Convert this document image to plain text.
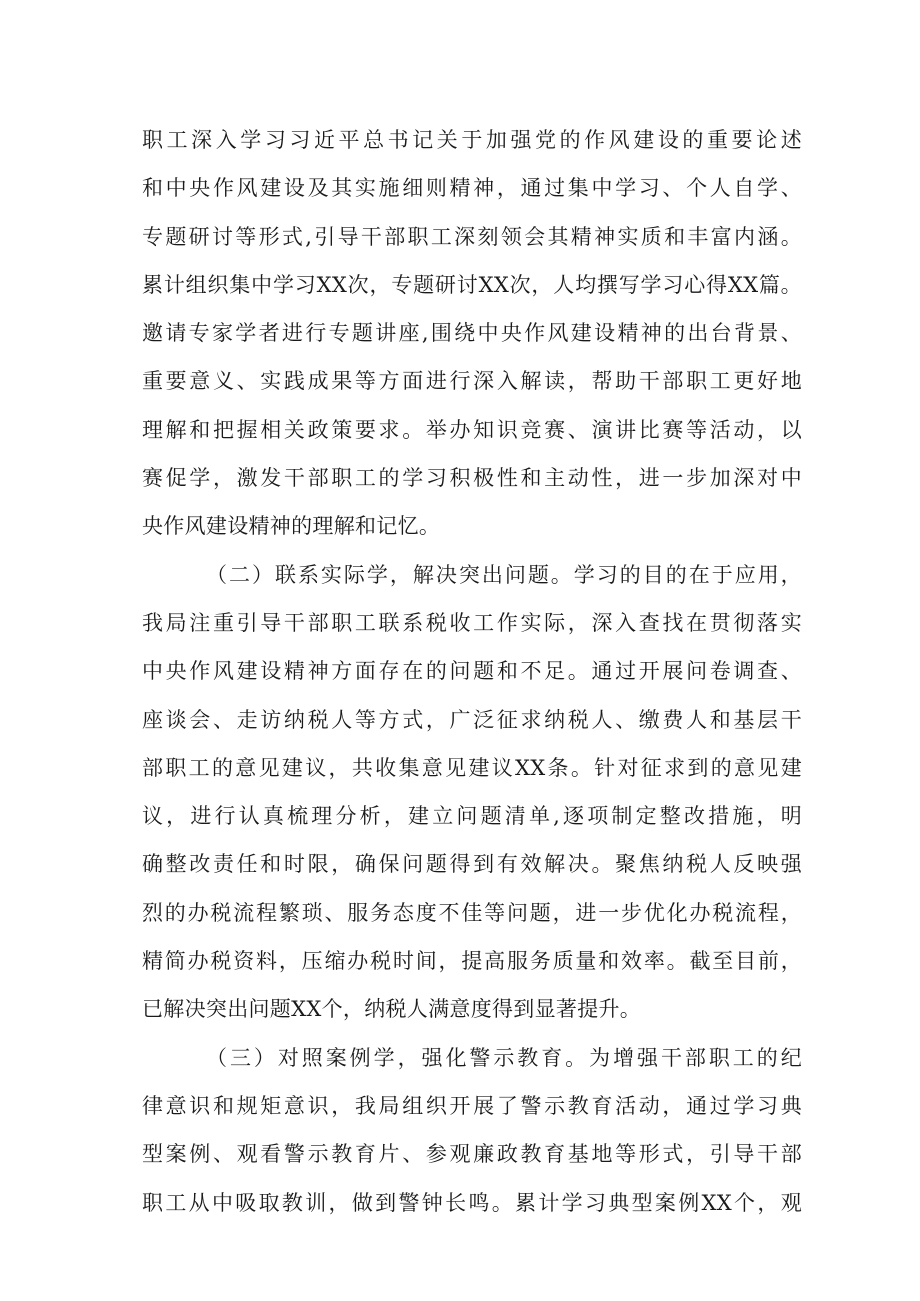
职工深入学习习近平总书记关于加强党的作风建设的重要论述
和中央作风建设及其实施细则精神，通过集中学习、个人自学、
专题研讨等形式,引导干部职工深刻领会其精神实质和丰富内涵。
累计组织集中学习XX次，专题研讨XX次，人均撰写学习心得XX篇。
邀请专家学者进行专题讲座,围绕中央作风建设精神的出台背景、
重要意义、实践成果等方面进行深入解读，帮助干部职工更好地
理解和把握相关政策要求。举办知识竞赛、演讲比赛等活动，以
赛促学，激发干部职工的学习积极性和主动性，进一步加深对中
央作风建设精神的理解和记忆。
（二）联系实际学，解决突出问题。学习的目的在于应用，
我局注重引导干部职工联系税收工作实际，深入查找在贯彻落实
中央作风建设精神方面存在的问题和不足。通过开展问卷调查、
座谈会、走访纳税人等方式，广泛征求纳税人、缴费人和基层干
部职工的意见建议，共收集意见建议XX条。针对征求到的意见建
议，进行认真梳理分析，建立问题清单,逐项制定整改措施，明
确整改责任和时限，确保问题得到有效解决。聚焦纳税人反映强
烈的办税流程繁琐、服务态度不佳等问题，进一步优化办税流程，
精简办税资料，压缩办税时间，提高服务质量和效率。截至目前，
已解决突出问题XX个，纳税人满意度得到显著提升。
（三）对照案例学，强化警示教育。为增强干部职工的纪
律意识和规矩意识，我局组织开展了警示教育活动，通过学习典
型案例、观看警示教育片、参观廉政教育基地等形式，引导干部
职工从中吸取教训，做到警钟长鸣。累计学习典型案例XX个，观
